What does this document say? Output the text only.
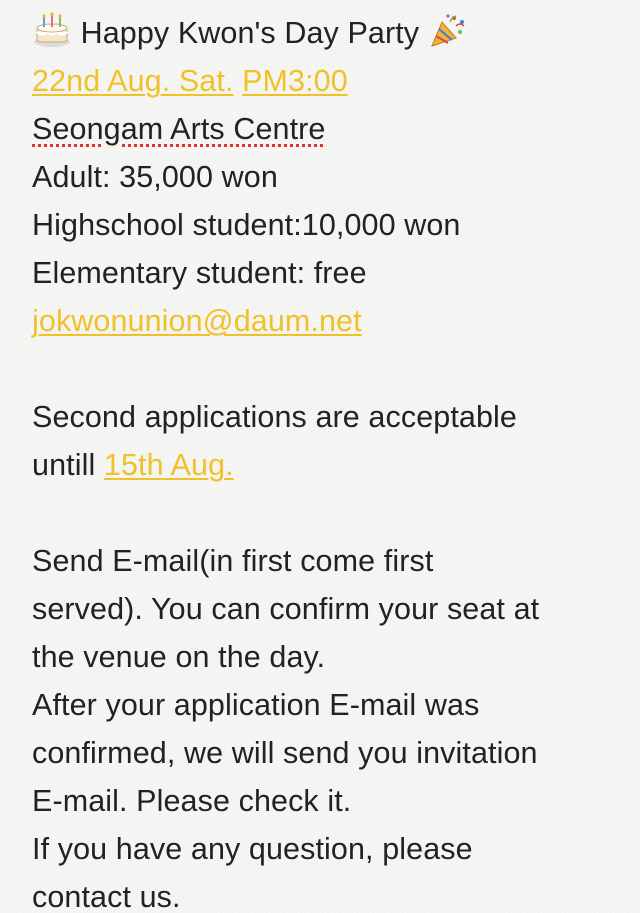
Happy Kwon's Day Party
22nd Aug. Sat. PM3:00
Seongam Arts Centre
Adult: 35,000 won
Highschool student:10,000 won
Elementary student: free
jokwonunion@daum.net
Second applications are acceptable
untill 15th Aug.
Send E-mail(in first come first
served). You can confirm your seat at
the venue on the day.
After your application E-mail was
confirmed, we will send you invitation
E-mail. Please check it.
If you have any question, please
contact us.
